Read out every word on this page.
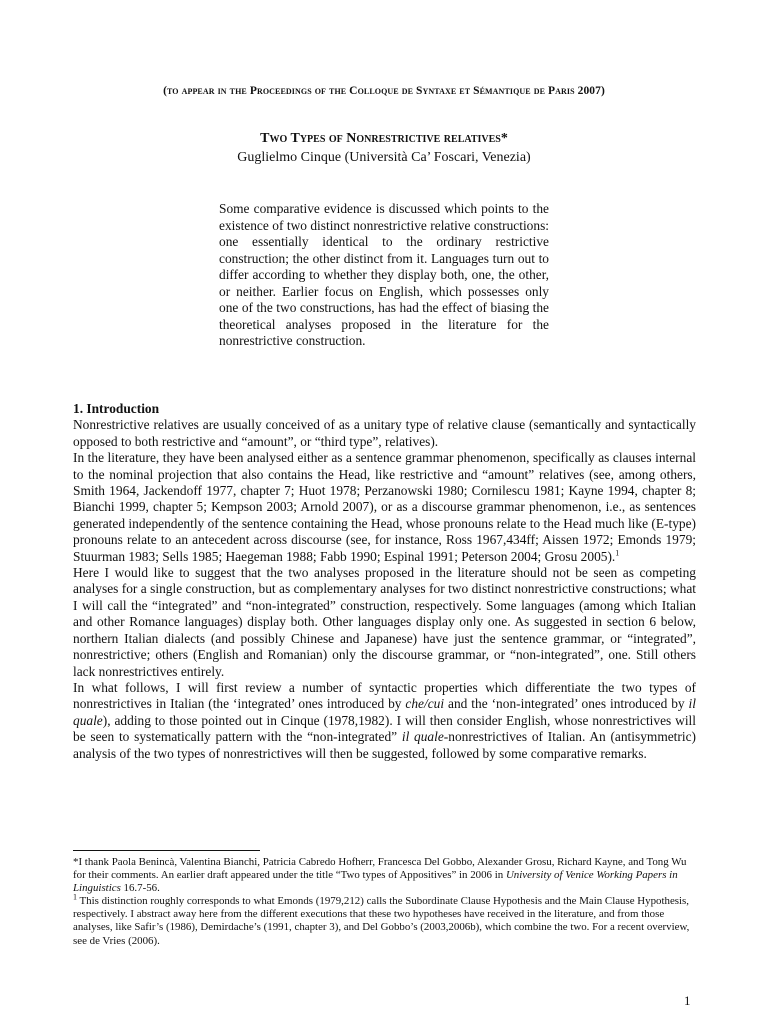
(to appear in the Proceedings of the Colloque de Syntaxe et Sémantique de Paris 2007)
Two Types of Nonrestrictive relatives*
Guglielmo Cinque (Università Ca’ Foscari, Venezia)
Some comparative evidence is discussed which points to the existence of two distinct nonrestrictive relative constructions: one essentially identical to the ordinary restrictive construction; the other distinct from it. Languages turn out to differ according to whether they display both, one, the other, or neither. Earlier focus on English, which possesses only one of the two constructions, has had the effect of biasing the theoretical analyses proposed in the literature for the nonrestrictive construction.

1. Introduction

Nonrestrictive relatives are usually conceived of as a unitary type of relative clause (semantically and syntactically opposed to both restrictive and “amount”, or “third type”, relatives).

In the literature, they have been analysed either as a sentence grammar phenomenon, specifically as clauses internal to the nominal projection that also contains the Head, like restrictive and “amount” relatives (see, among others, Smith 1964, Jackendoff 1977, chapter 7; Huot 1978; Perzanowski 1980; Cornilescu 1981; Kayne 1994, chapter 8; Bianchi 1999, chapter 5; Kempson 2003; Arnold 2007), or as a discourse grammar phenomenon, i.e., as sentences generated independently of the sentence containing the Head, whose pronouns relate to the Head much like (E-type) pronouns relate to an antecedent across discourse (see, for instance, Ross 1967,434ff; Aissen 1972; Emonds 1979; Stuurman 1983; Sells 1985; Haegeman 1988; Fabb 1990; Espinal 1991; Peterson 2004; Grosu 2005).$^1$

Here I would like to suggest that the two analyses proposed in the literature should not be seen as competing analyses for a single construction, but as complementary analyses for two distinct nonrestrictive constructions; what I will call the “integrated” and “non-integrated” construction, respectively. Some languages (among which Italian and other Romance languages) display both. Other languages display only one. As suggested in section 6 below, northern Italian dialects (and possibly Chinese and Japanese) have just the sentence grammar, or “integrated”, nonrestrictive; others (English and Romanian) only the discourse grammar, or “non-integrated”, one. Still others lack nonrestrictives entirely.

In what follows, I will first review a number of syntactic properties which differentiate the two types of nonrestrictives in Italian (the ‘integrated’ ones introduced by che/cui and the ‘non-integrated’ ones introduced by il quale), adding to those pointed out in Cinque (1978,1982). I will then consider English, whose nonrestrictives will be seen to systematically pattern with the “non-integrated” il quale-nonrestrictives of Italian. An (antisymmetric) analysis of the two types of nonrestrictives will then be suggested, followed by some comparative remarks.

*I thank Paola Benincà, Valentina Bianchi, Patricia Cabredo Hofherr, Francesca Del Gobbo, Alexander Grosu, Richard Kayne, and Tong Wu for their comments. An earlier draft appeared under the title “Two types of Appositives” in 2006 in University of Venice Working Papers in Linguistics 16.7-56.

$^1$ This distinction roughly corresponds to what Emonds (1979,212) calls the Subordinate Clause Hypothesis and the Main Clause Hypothesis, respectively. I abstract away here from the different executions that these two hypotheses have received in the literature, and from those analyses, like Safir’s (1986), Demirdache’s (1991, chapter 3), and Del Gobbo’s (2003,2006b), which combine the two. For a recent overview, see de Vries (2006).

1
